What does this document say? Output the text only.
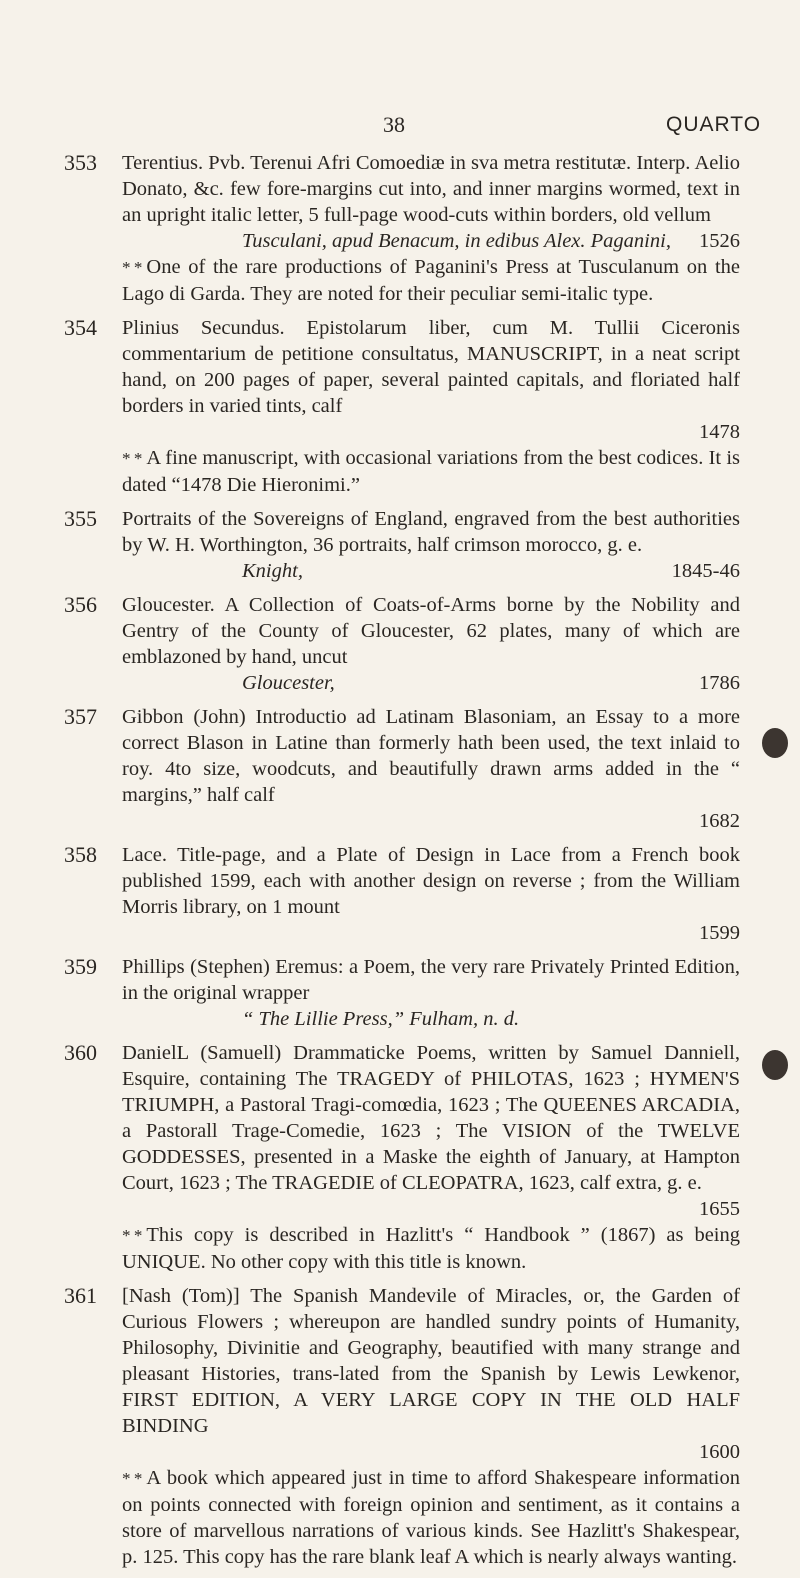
38	QUARTO
353 Terentius. Pvb. Terenui Afri Comoediæ in sva metra restitutæ. Interp. Aelio Donato, &c. few fore-margins cut into, and inner margins wormed, text in an upright italic letter, 5 full-page wood-cuts within borders, old vellum

Tusculani, apud Benacum, in edibus Alex. Paganini, 1526

* * One of the rare productions of Paganini's Press at Tusculanum on the Lago di Garda. They are noted for their peculiar semi-italic type.

354 Plinius Secundus. Epistolarum liber, cum M. Tullii Ciceronis commentarium de petitione consultatus, MANUSCRIPT, in a neat script hand, on 200 pages of paper, several painted capitals, and floriated half borders in varied tints, calf

1478

* * A fine manuscript, with occasional variations from the best codices. It is dated “1478 Die Hieronimi.”

355 Portraits of the Sovereigns of England, engraved from the best authorities by W. H. Worthington, 36 portraits, half crimson morocco, g. e.

Knight,	1845-46
356 Gloucester. A Collection of Coats-of-Arms borne by the Nobility and Gentry of the County of Gloucester, 62 plates, many of which are emblazoned by hand, uncut

Gloucester,	1786
357 Gibbon (John) Introductio ad Latinam Blasoniam, an Essay to a more correct Blason in Latine than formerly hath been used, the text inlaid to roy. 4to size, woodcuts, and beautifully drawn arms added in the “ margins,” half calf

1682
358 Lace. Title-page, and a Plate of Design in Lace from a French book published 1599, each with another design on reverse ; from the William Morris library, on 1 mount

1599
359 Phillips (Stephen) Eremus: a Poem, the very rare Privately Printed Edition, in the original wrapper

“ The Lillie Press,” Fulham, n. d.
360 DanielL (Samuell) Drammaticke Poems, written by Samuel Danniell, Esquire, containing The TRAGEDY of PHILOTAS, 1623 ; HYMEN'S TRIUMPH, a Pastoral Tragi-comœdia, 1623 ; The QUEENES ARCADIA, a Pastorall Trage-Comedie, 1623 ; The VISION of the TWELVE GODDESSES, presented in a Maske the eighth of January, at Hampton Court, 1623 ; The TRAGEDIE of CLEOPATRA, 1623, calf extra, g. e.

1655

* * This copy is described in Hazlitt's “ Handbook ” (1867) as being UNIQUE. No other copy with this title is known.

361 [Nash (Tom)] The Spanish Mandevile of Miracles, or, the Garden of Curious Flowers ; whereupon are handled sundry points of Humanity, Philosophy, Divinitie and Geography, beautified with many strange and pleasant Histories, trans-lated from the Spanish by Lewis Lewkenor, FIRST EDITION, A VERY LARGE COPY IN THE OLD HALF BINDING

1600

* * A book which appeared just in time to afford Shakespeare information on points connected with foreign opinion and sentiment, as it contains a store of marvellous narrations of various kinds. See Hazlitt's Shakespear, p. 125. This copy has the rare blank leaf A which is nearly always wanting.
